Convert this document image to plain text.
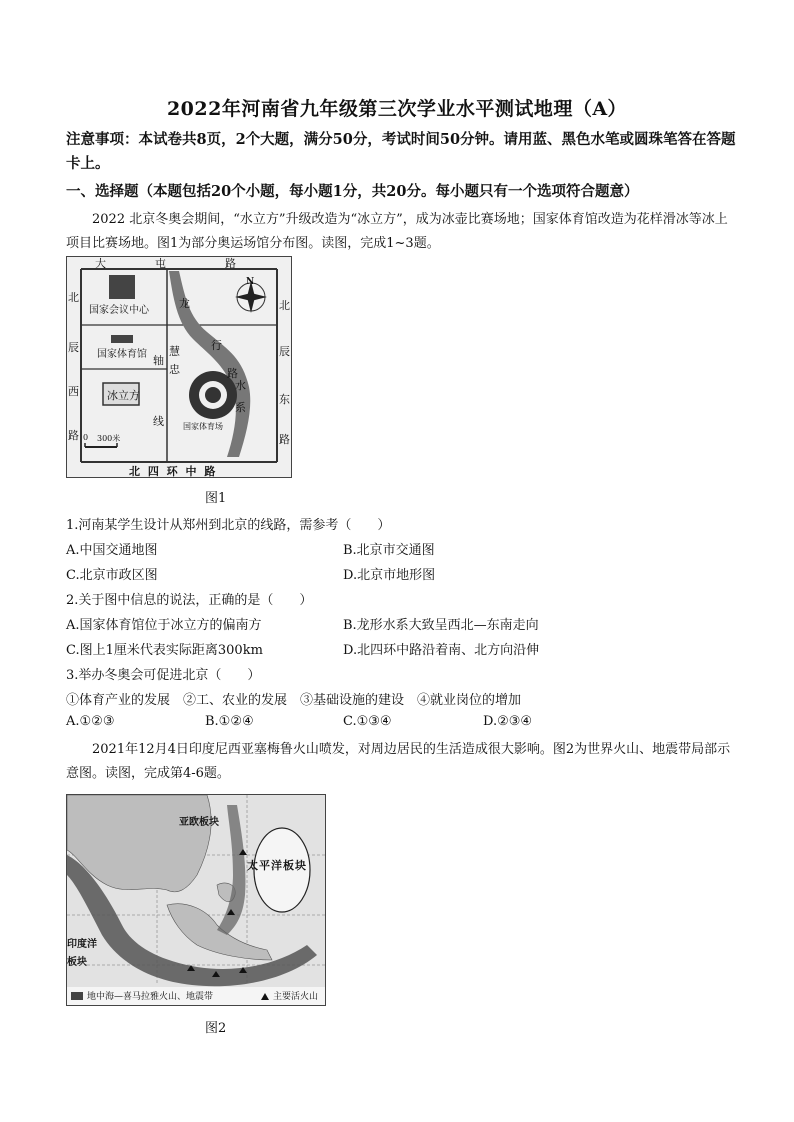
2022年河南省九年级第三次学业水平测试地理（A）
注意事项：本试卷共8页，2个大题，满分50分，考试时间50分钟。请用蓝、黑色水笔或圆珠笔答在答题卡上。
一、选择题（本题包括20个小题，每小题1分，共20分。每小题只有一个选项符合题意）
2022 北京冬奥会期间，“水立方”升级改造为“冰立方”，成为冰壶比赛场地；国家体育馆改造为花样滑冰等冰上项目比赛场地。图1为部分奥运场馆分布图。读图，完成1~3题。
大	屯	路
北
辰
西
路
北
辰
东
路
北 四 环 中 路
轴
线
慧
忠	路
龙
行
水
系
国家会议中心
国家体育馆
冰立方
国家体育场
N
0 300米
图1
1.河南某学生设计从郑州到北京的线路，需参考（　　）
A.中国交通地图	B.北京市交通图
C.北京市政区图	D.北京市地形图
2.关于图中信息的说法，正确的是（　　）
A.国家体育馆位于冰立方的偏南方	B.龙形水系大致呈西北—东南走向
C.图上1厘米代表实际距离300km	D.北四环中路沿着南、北方向沿伸
3.举办冬奥会可促进北京（　　）
①体育产业的发展　②工、农业的发展　③基础设施的建设　④就业岗位的增加
A.①②③	B.①②④	C.①③④	D.②③④
2021年12月4日印度尼西亚塞梅鲁火山喷发，对周边居民的生活造成很大影响。图2为世界火山、地震带局部示意图。读图，完成第4-6题。
亚欧板块
太平洋板块
印度洋
板块
地中海—喜马拉雅火山、地震带	主要活火山
图2
